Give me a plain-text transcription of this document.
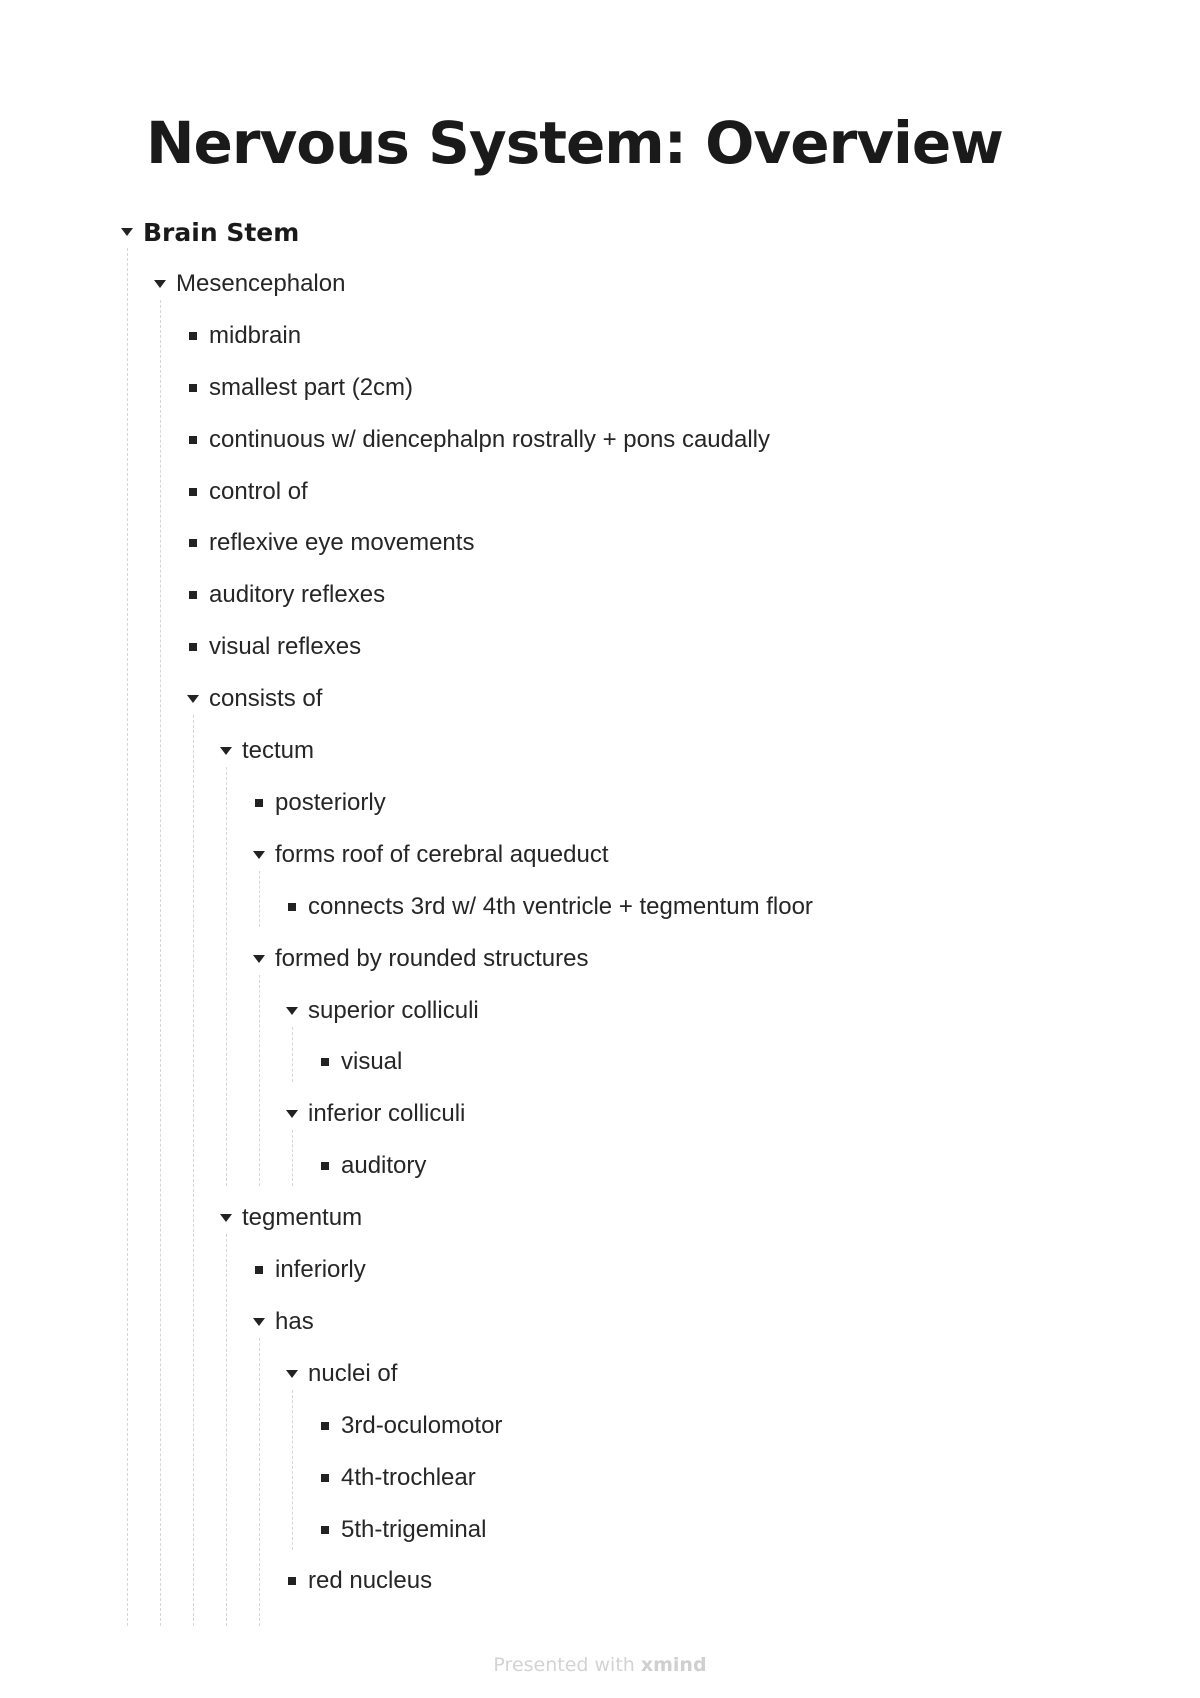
Nervous System: Overview
Brain Stem
Mesencephalon
midbrain
smallest part (2cm)
continuous w/ diencephalpn rostrally + pons caudally
control of
reflexive eye movements
auditory reflexes
visual reflexes
consists of
tectum
posteriorly
forms roof of cerebral aqueduct
connects 3rd w/ 4th ventricle + tegmentum floor
formed by rounded structures
superior colliculi
visual
inferior colliculi
auditory
tegmentum
inferiorly
has
nuclei of
3rd-oculomotor
4th-trochlear
5th-trigeminal
red nucleus
Presented with xmind
